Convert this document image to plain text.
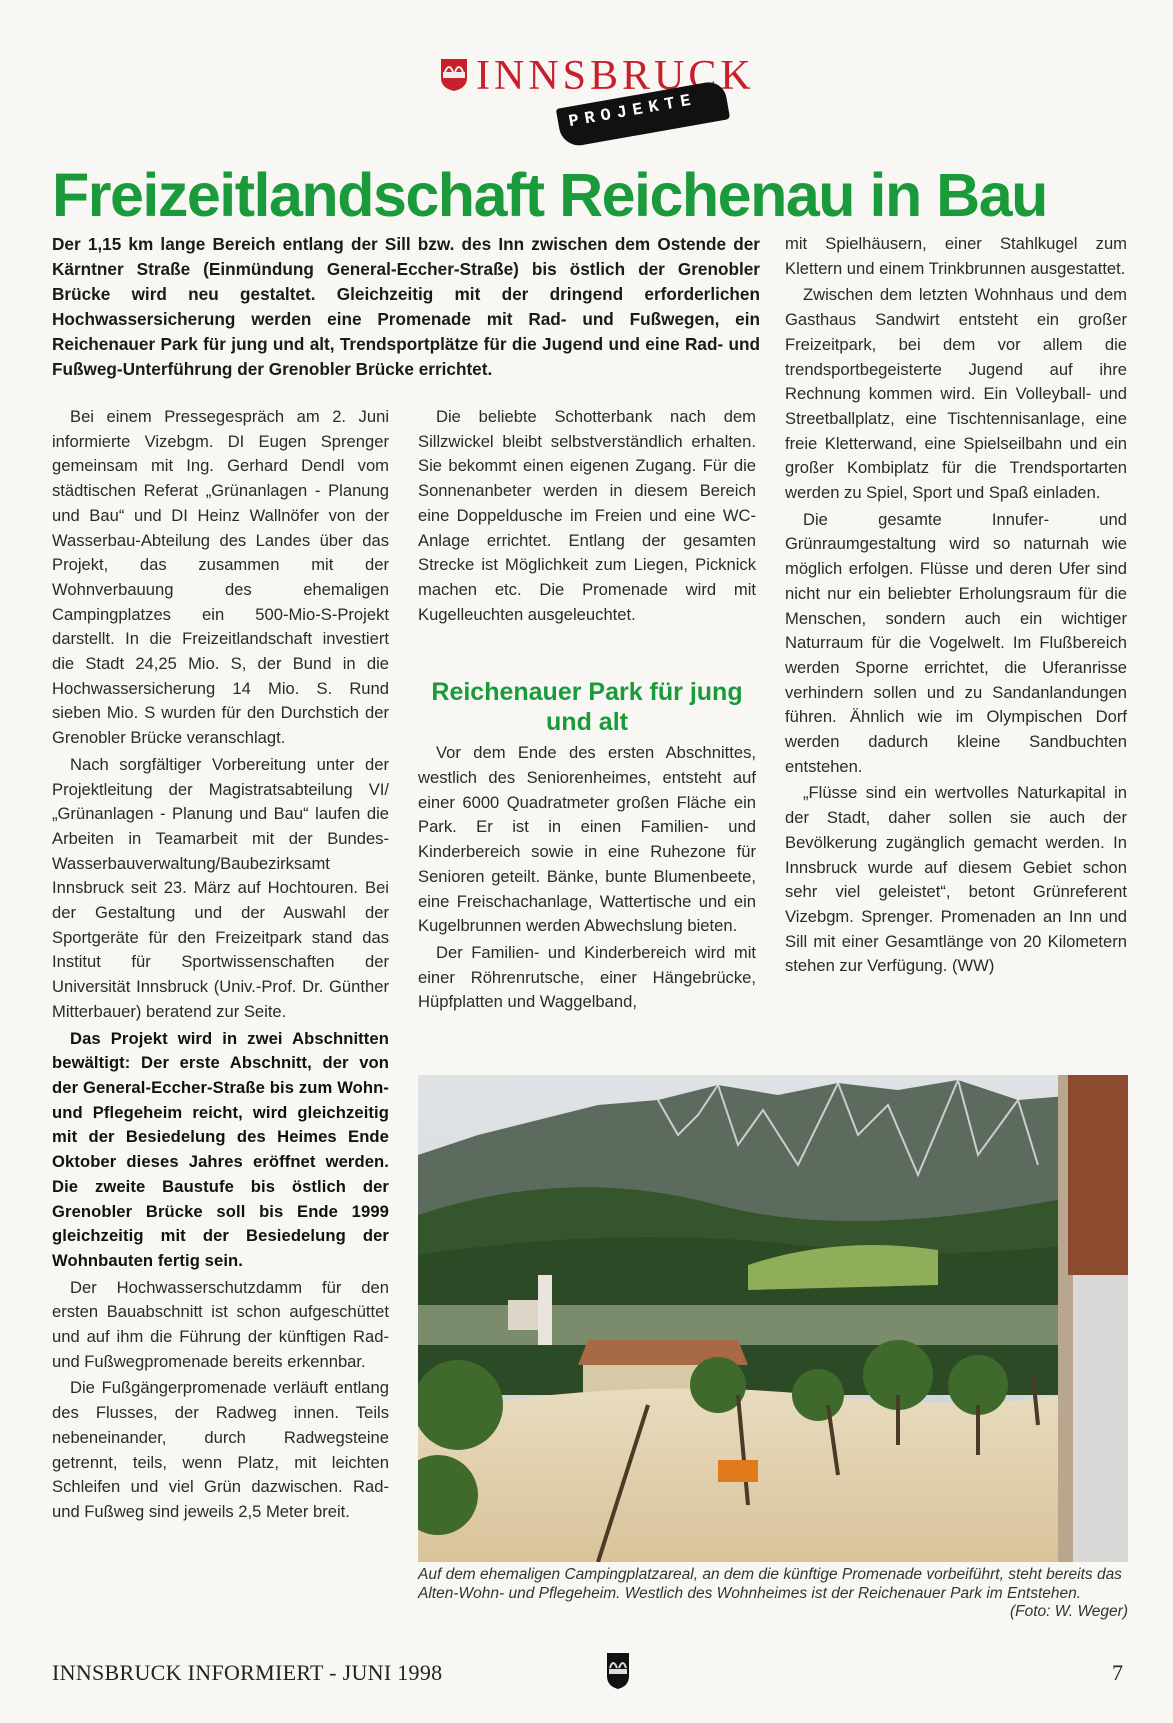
INNSBRUCK
PROJEKTE
Freizeitlandschaft Reichenau in Bau
Der 1,15 km lange Bereich entlang der Sill bzw. des Inn zwischen dem Ostende der Kärntner Straße (Einmündung General-Eccher-Straße) bis östlich der Grenobler Brücke wird neu gestaltet. Gleichzeitig mit der dringend erforderlichen Hochwassersicherung werden eine Promenade mit Rad- und Fußwegen, ein Reichenauer Park für jung und alt, Trendsportplätze für die Jugend und eine Rad- und Fußweg-Unterführung der Grenobler Brücke errichtet.

Bei einem Pressegespräch am 2. Juni informierte Vizebgm. DI Eugen Sprenger gemeinsam mit Ing. Gerhard Dendl vom städtischen Referat „Grünanlagen - Planung und Bau“ und DI Heinz Wallnöfer von der Wasserbau-Abteilung des Landes über das Projekt, das zusammen mit der Wohnverbauung des ehemaligen Campingplatzes ein 500-Mio-S-Projekt darstellt. In die Freizeitlandschaft investiert die Stadt 24,25 Mio. S, der Bund in die Hochwassersicherung 14 Mio. S. Rund sieben Mio. S wurden für den Durchstich der Grenobler Brücke veranschlagt.

Nach sorgfältiger Vorbereitung unter der Projektleitung der Magistratsabteilung VI/ „Grünanlagen - Planung und Bau“ laufen die Arbeiten in Teamarbeit mit der Bundes-Wasserbauverwaltung/Baubezirksamt Innsbruck seit 23. März auf Hochtouren. Bei der Gestaltung und der Auswahl der Sportgeräte für den Freizeitpark stand das Institut für Sportwissenschaften der Universität Innsbruck (Univ.-Prof. Dr. Günther Mitterbauer) beratend zur Seite.

Das Projekt wird in zwei Abschnitten bewältigt: Der erste Abschnitt, der von der General-Eccher-Straße bis zum Wohn- und Pflegeheim reicht, wird gleichzeitig mit der Besiedelung des Heimes Ende Oktober dieses Jahres eröffnet werden. Die zweite Baustufe bis östlich der Grenobler Brücke soll bis Ende 1999 gleichzeitig mit der Besiedelung der Wohnbauten fertig sein.

Der Hochwasserschutzdamm für den ersten Bauabschnitt ist schon aufgeschüttet und auf ihm die Führung der künftigen Rad- und Fußwegpromenade bereits erkennbar.

Die Fußgängerpromenade verläuft entlang des Flusses, der Radweg innen. Teils nebeneinander, durch Radwegsteine getrennt, teils, wenn Platz, mit leichten Schleifen und viel Grün dazwischen. Rad- und Fußweg sind jeweils 2,5 Meter breit.

Die beliebte Schotterbank nach dem Sillzwickel bleibt selbstverständlich erhalten. Sie bekommt einen eigenen Zugang. Für die Sonnenanbeter werden in diesem Bereich eine Doppeldusche im Freien und eine WC-Anlage errichtet. Entlang der gesamten Strecke ist Möglichkeit zum Liegen, Picknick machen etc. Die Promenade wird mit Kugelleuchten ausgeleuchtet.

Reichenauer Park für jung und alt

Vor dem Ende des ersten Abschnittes, westlich des Seniorenheimes, entsteht auf einer 6000 Quadratmeter großen Fläche ein Park. Er ist in einen Familien- und Kinderbereich sowie in eine Ruhezone für Senioren geteilt. Bänke, bunte Blumenbeete, eine Freischachanlage, Wattertische und ein Kugelbrunnen werden Abwechslung bieten.

Der Familien- und Kinderbereich wird mit einer Röhrenrutsche, einer Hängebrücke, Hüpfplatten und Waggelband,

mit Spielhäusern, einer Stahlkugel zum Klettern und einem Trinkbrunnen ausgestattet.

Zwischen dem letzten Wohnhaus und dem Gasthaus Sandwirt entsteht ein großer Freizeitpark, bei dem vor allem die trendsportbegeisterte Jugend auf ihre Rechnung kommen wird. Ein Volleyball- und Streetballplatz, eine Tischtennisanlage, eine freie Kletterwand, eine Spielseilbahn und ein großer Kombiplatz für die Trendsportarten werden zu Spiel, Sport und Spaß einladen.

Die gesamte Innufer- und Grünraumgestaltung wird so naturnah wie möglich erfolgen. Flüsse und deren Ufer sind nicht nur ein beliebter Erholungsraum für die Menschen, sondern auch ein wichtiger Naturraum für die Vogelwelt. Im Flußbereich werden Sporne errichtet, die Uferanrisse verhindern sollen und zu Sandanlandungen führen. Ähnlich wie im Olympischen Dorf werden dadurch kleine Sandbuchten entstehen.

„Flüsse sind ein wertvolles Naturkapital in der Stadt, daher sollen sie auch der Bevölkerung zugänglich gemacht werden. In Innsbruck wurde auf diesem Gebiet schon sehr viel geleistet“, betont Grünreferent Vizebgm. Sprenger. Promenaden an Inn und Sill mit einer Gesamtlänge von 20 Kilometern stehen zur Verfügung. (WW)

Auf dem ehemaligen Campingplatzareal, an dem die künftige Promenade vorbeiführt, steht bereits das Alten-Wohn- und Pflegeheim. Westlich des Wohnheimes ist der Reichenauer Park im Entstehen.
(Foto: W. Weger)
INNSBRUCK INFORMIERT - JUNI 1998	7
